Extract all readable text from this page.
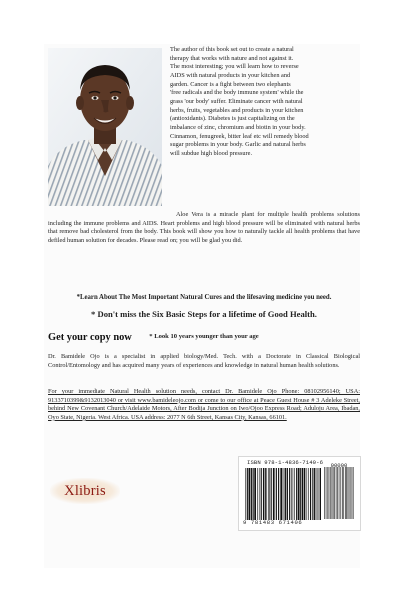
The author of this book set out to create a natural
therapy that works with nature and not against it.
The most interesting; you will learn how to reverse
AIDS with natural products in your kitchen and
garden. Cancer is a fight between two elephants
'free radicals and the body immune system' while the
grass 'our body' suffer. Eliminate cancer with natural
herbs, fruits, vegetables and products in your kitchen
(antioxidants). Diabetes is just capitalizing on the
imbalance of zinc, chromium and biotin in your body.
Cinnamon, fenugreek, bitter leaf etc will remedy blood
sugar problems in your body. Garlic and natural herbs
will subdue high blood pressure.

Aloe Vera is a miracle plant for multiple health problems solutions including the immune problems and AIDS. Heart problems and high blood pressure will be eliminated with natural herbs that remove bad cholesterol from the body. This book will show you how to naturally tackle all health problems that have defiled human solution for decades. Please read on; you will be glad you did.

*Learn About The Most Important Natural Cures and the lifesaving medicine you need.

* Don't miss the Six Basic Steps for a lifetime of Good Health.

* Look 10 years younger than your age

Get your copy now

Dr. Bamidele Ojo is a specialist in applied biology/Med. Tech. with a Doctorate in Classical Biological Control/Entomology and has acquired many years of experiences and knowledge in natural human health solutions.

For your immediate Natural Health solution needs, contact Dr. Bamidele Ojo Phone: 08102956140; USA: 9133710399&9132013040 or visit www.bamideleojo.com or come to our office at Peace Guest House # 3 Adeleke Street, behind New Covenant Church/Adelaide Motors, After Bodija Junction on Iwo/Ojoo Express Road; Aduloju Area, Ibadan, Oyo State, Nigeria. West Africa. USA address: 2077 N 6th Street, Kansas City, Kansas, 66101.

Xlibris

ISBN 978-1-4836-7140-6	90000

9 781483 671406
